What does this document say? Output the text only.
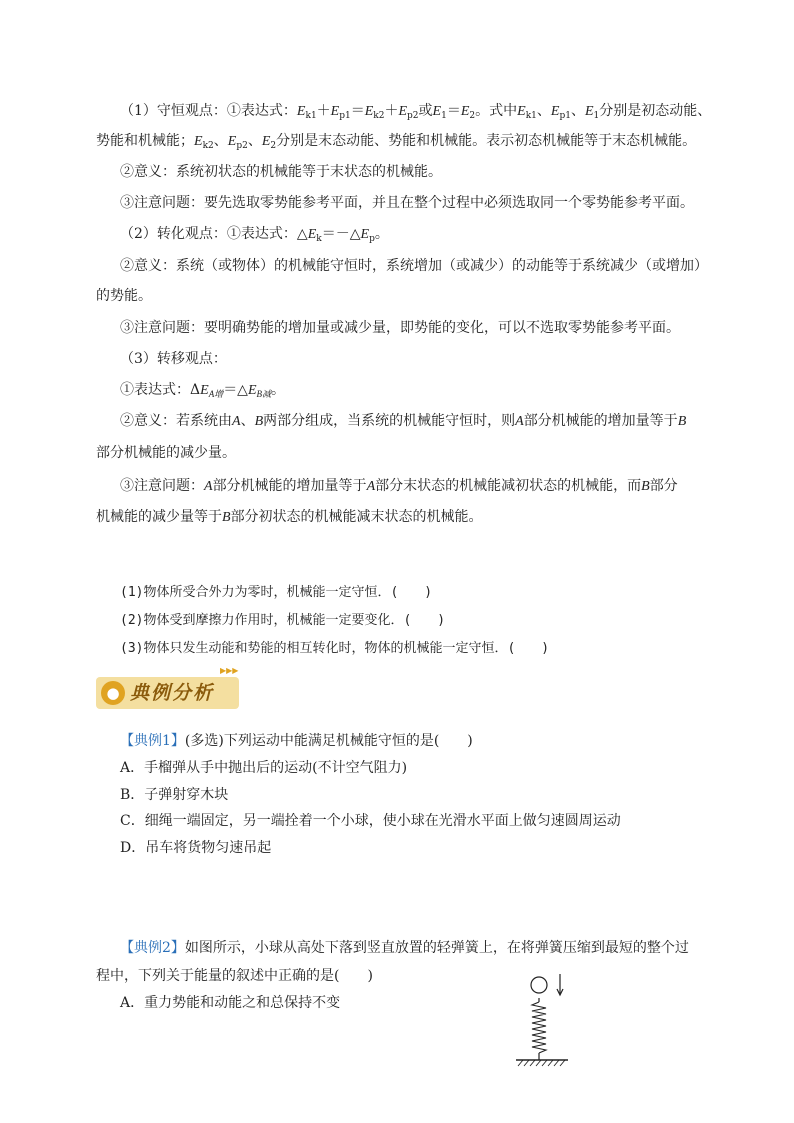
（1）守恒观点：①表达式：$E_{k1}+E_{p1}=E_{k2}+E_{p2}$或$E_1=E_2$。式中$E_{k1}$、$E_{p1}$、$E_1$分别是初态动能、
势能和机械能；$E_{k2}$、$E_{p2}$、$E_2$分别是末态动能、势能和机械能。表示初态机械能等于末态机械能。
②意义：系统初状态的机械能等于末状态的机械能。
③注意问题：要先选取零势能参考平面，并且在整个过程中必须选取同一个零势能参考平面。
（2）转化观点：①表达式：$\triangle E_k=-\triangle E_p$。
②意义：系统（或物体）的机械能守恒时，系统增加（或减少）的动能等于系统减少（或增加）
的势能。
③注意问题：要明确势能的增加量或减少量，即势能的变化，可以不选取零势能参考平面。
（3）转移观点：
①表达式：$\Delta E_{A增}=\triangle E_{B减}$。
②意义：若系统由A、B两部分组成，当系统的机械能守恒时，则A部分机械能的增加量等于B
部分机械能的减少量。
③注意问题：A部分机械能的增加量等于A部分末状态的机械能减初状态的机械能，而B部分
机械能的减少量等于B部分初状态的机械能减末状态的机械能。
(1)物体所受合外力为零时，机械能一定守恒．(　　)
(2)物体受到摩擦力作用时，机械能一定要变化．(　　)
(3)物体只发生动能和势能的相互转化时，物体的机械能一定守恒．(　　)
● 典例分析
▶▶▶
【典例1】(多选)下列运动中能满足机械能守恒的是(　　)
A．手榴弹从手中抛出后的运动(不计空气阻力)
B．子弹射穿木块
C．细绳一端固定，另一端拴着一个小球，使小球在光滑水平面上做匀速圆周运动
D．吊车将货物匀速吊起
【典例2】如图所示，小球从高处下落到竖直放置的轻弹簧上，在将弹簧压缩到最短的整个过
程中，下列关于能量的叙述中正确的是(　　)
A．重力势能和动能之和总保持不变
